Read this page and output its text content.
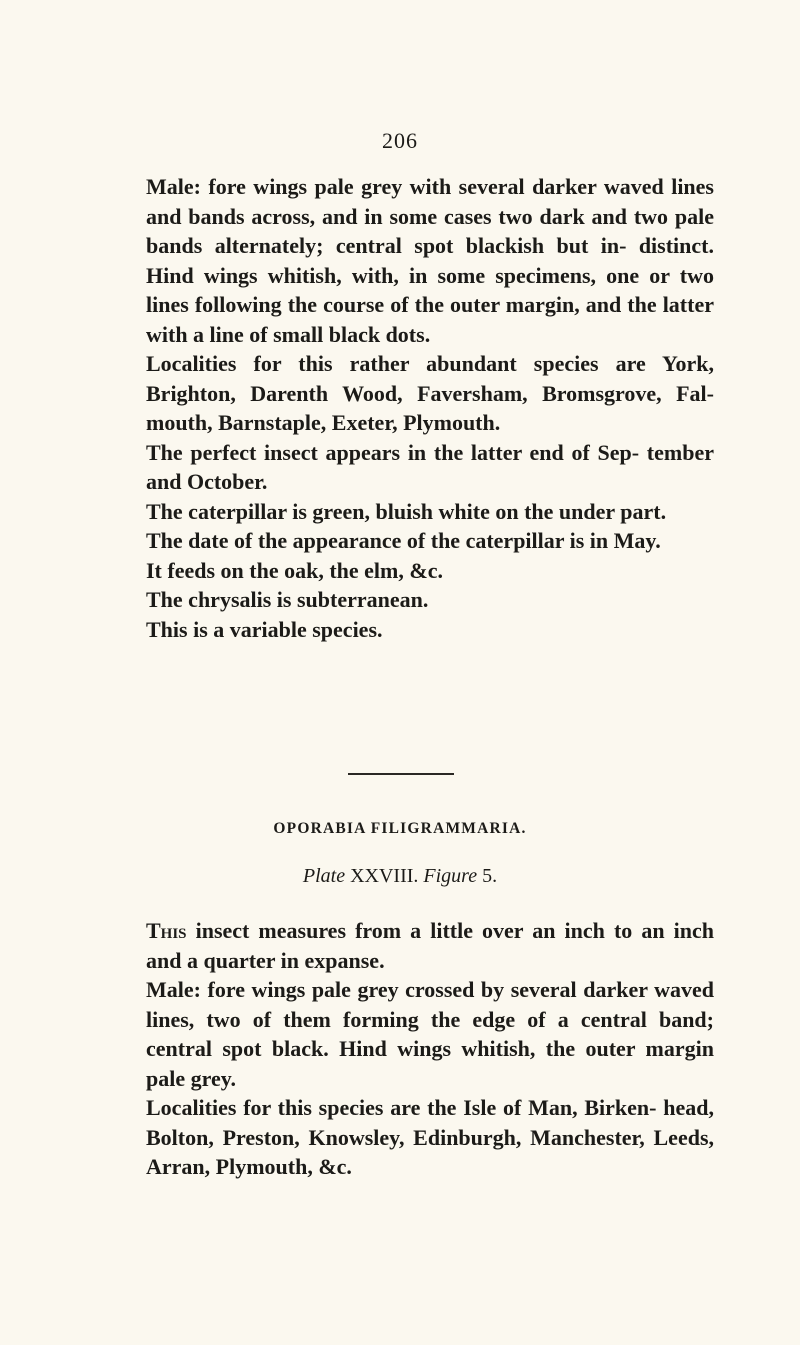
206

Male: fore wings pale grey with several darker waved lines and bands across, and in some cases two dark and two pale bands alternately; central spot blackish but in- distinct. Hind wings whitish, with, in some specimens, one or two lines following the course of the outer margin, and the latter with a line of small black dots.

Localities for this rather abundant species are York, Brighton, Darenth Wood, Faversham, Bromsgrove, Fal- mouth, Barnstaple, Exeter, Plymouth.

The perfect insect appears in the latter end of Sep- tember and October.

The caterpillar is green, bluish white on the under part.

The date of the appearance of the caterpillar is in May.

It feeds on the oak, the elm, &c.

The chrysalis is subterranean.

This is a variable species.

OPORABIA FILIGRAMMARIA.
Plate XXVIII. Figure 5.

This insect measures from a little over an inch to an inch and a quarter in expanse.

Male: fore wings pale grey crossed by several darker waved lines, two of them forming the edge of a central band; central spot black. Hind wings whitish, the outer margin pale grey.

Localities for this species are the Isle of Man, Birken- head, Bolton, Preston, Knowsley, Edinburgh, Manchester, Leeds, Arran, Plymouth, &c.
